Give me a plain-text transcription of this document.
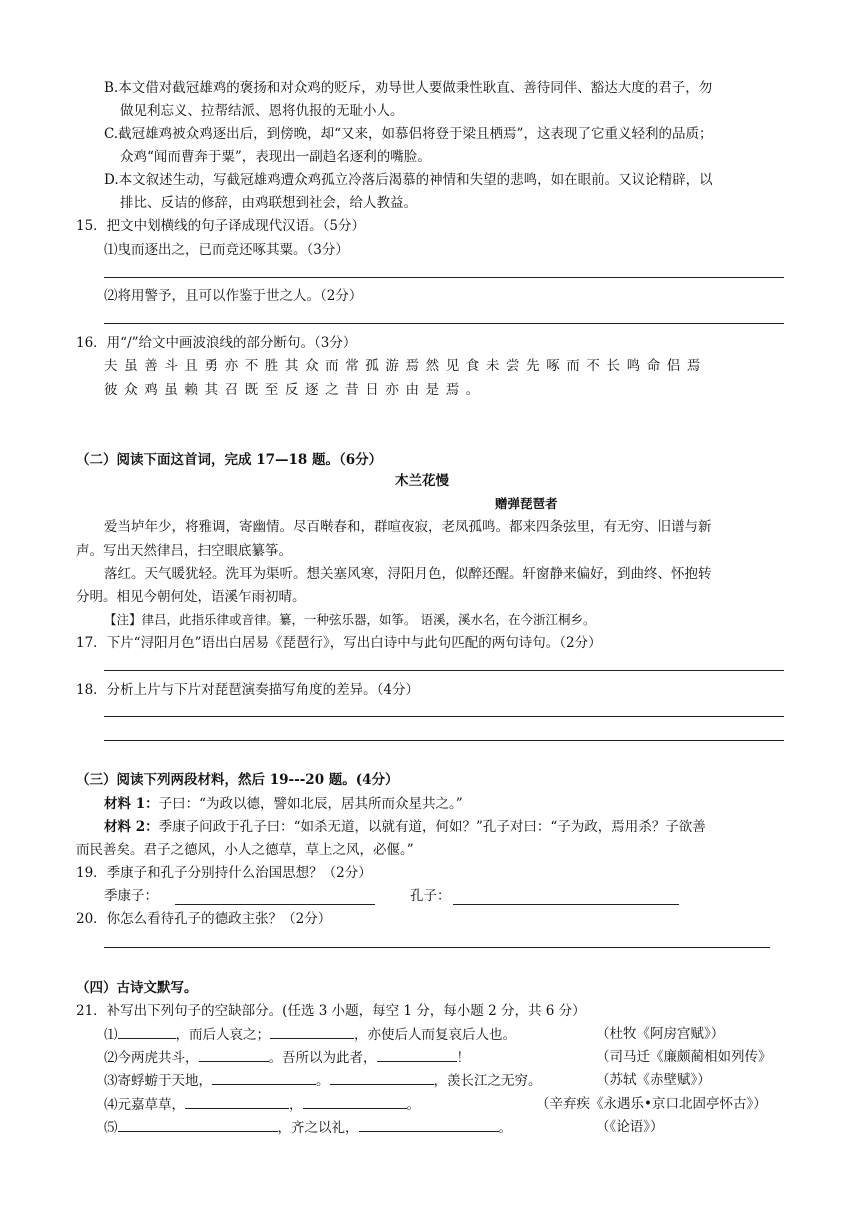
B.本文借对截冠雄鸡的褒扬和对众鸡的贬斥，劝导世人要做秉性耿直、善待同伴、豁达大度的君子，勿
做见利忘义、拉帮结派、恩将仇报的无耻小人。
C.截冠雄鸡被众鸡逐出后，到傍晚，却“又来，如慕侣将登于梁且栖焉”，这表现了它重义轻利的品质；
众鸡“闻而曹奔于粟”，表现出一副趋名逐利的嘴脸。
D.本文叙述生动，写截冠雄鸡遭众鸡孤立冷落后渴慕的神情和失望的悲鸣，如在眼前。又议论精辟，以
排比、反诘的修辞，由鸡联想到社会，给人教益。
15．把文中划横线的句子译成现代汉语。（5分）
⑴曳而逐出之，已而竞还啄其粟。（3分）
⑵将用警予，且可以作鉴于世之人。（2分）
16．用“/”给文中画波浪线的部分断句。（3分）
夫虽善斗且勇亦不胜其众而常孤游焉然见食未尝先啄而不长鸣命侣焉
彼众鸡虽赖其召既至反逐之昔日亦由是焉。
（二）阅读下面这首词，完成 17—18 题。（6分）
木兰花慢
赠弹琵琶者
爱当垆年少，将雅调，寄幽情。尽百啭春和，群喧夜寂，老凤孤鸣。都来四条弦里，有无穷、旧谱与新
声。写出天然律吕，扫空眼底纂筝。
落红。天气暖犹轻。洗耳为渠听。想关塞风寒，浔阳月色，似醉还醒。轩窗静来偏好，到曲终、怀抱转
分明。相见今朝何处，语溪乍雨初晴。
【注】律吕，此指乐律或音律。纂，一种弦乐器，如筝。 语溪，溪水名，在今浙江桐乡。
17．下片“浔阳月色”语出白居易《琵琶行》，写出白诗中与此句匹配的两句诗句。（2分）
18．分析上片与下片对琵琶演奏描写角度的差异。（4分）
（三）阅读下列两段材料，然后 19---20 题。(4分）
材料 1：子曰：“为政以德，譬如北辰，居其所而众星共之。”
材料 2：季康子问政于孔子曰：“如杀无道，以就有道，何如？”孔子对曰：“子为政，焉用杀？子欲善
而民善矣。君子之德风，小人之德草，草上之风，必偃。”
19．季康子和孔子分别持什么治国思想？（2分）
季康子：	孔子：
20．你怎么看待孔子的德政主张？（2分）
（四）古诗文默写。
21．补写出下列句子的空缺部分。(任选 3 小题，每空 1 分，每小题 2 分，共 6 分）
⑴	，而后人哀之；	，亦使后人而复哀后人也。	（杜牧《阿房宫赋》）
⑵今两虎共斗，	。吾所以为此者，	！	（司马迁《廉颇蔺相如列传》
⑶寄蜉蝣于天地，	。	，羡长江之无穷。	（苏轼《赤壁赋》）
⑷元嘉草草，	，	。	（辛弃疾《永遇乐•京口北固亭怀古》）
⑸	，齐之以礼，	。	（《论语》）
